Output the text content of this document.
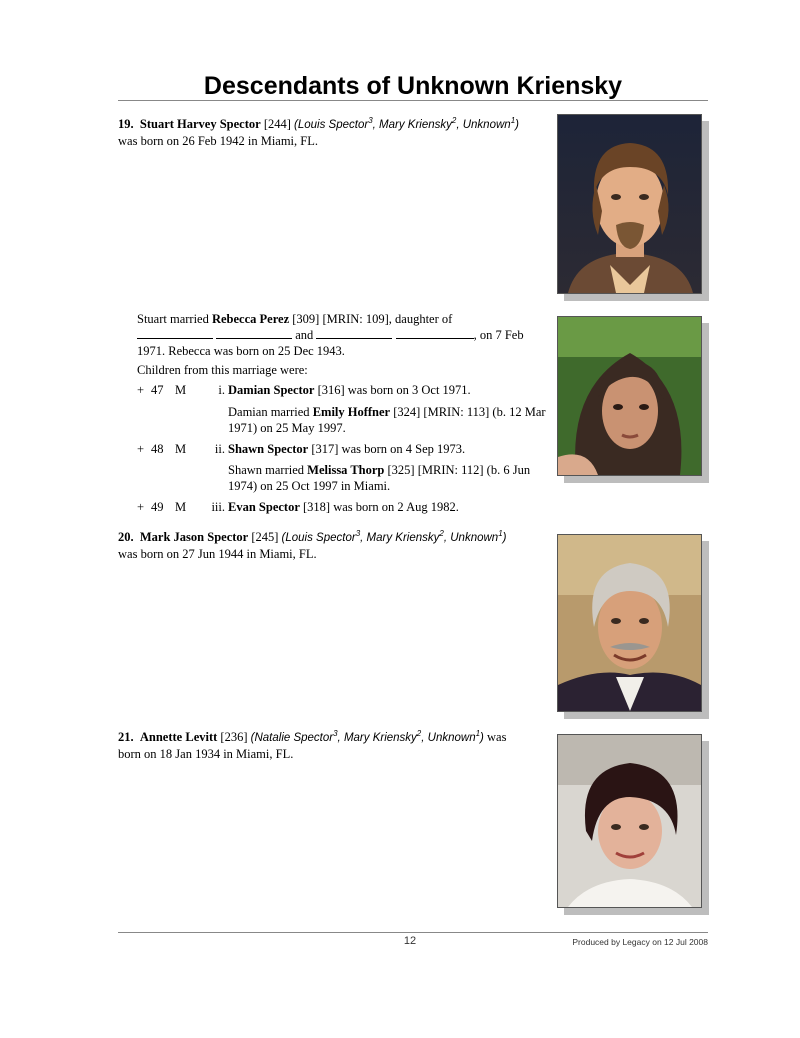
Descendants of Unknown Kriensky
19. Stuart Harvey Spector [244] (Louis Spector$^3$, Mary Kriensky$^2$, Unknown$^1$)
was born on 26 Feb 1942 in Miami, FL.
Stuart married Rebecca Perez [309] [MRIN: 109], daughter of
and	, on 7 Feb
1971. Rebecca was born on 25 Dec 1943.
Children from this marriage were:
+ 47 M	i. Damian Spector [316] was born on 3 Oct 1971.
Damian married Emily Hoffner [324] [MRIN: 113] (b. 12 Mar 1971) on 25 May 1997.
+ 48 M	ii. Shawn Spector [317] was born on 4 Sep 1973.
Shawn married Melissa Thorp [325] [MRIN: 112] (b. 6 Jun 1974) on 25 Oct 1997 in Miami.
+ 49 M	iii. Evan Spector [318] was born on 2 Aug 1982.
20. Mark Jason Spector [245] (Louis Spector$^3$, Mary Kriensky$^2$, Unknown$^1$)
was born on 27 Jun 1944 in Miami, FL.
21. Annette Levitt [236] (Natalie Spector$^3$, Mary Kriensky$^2$, Unknown$^1$) was
born on 18 Jan 1934 in Miami, FL.
12	Produced by Legacy on 12 Jul 2008
